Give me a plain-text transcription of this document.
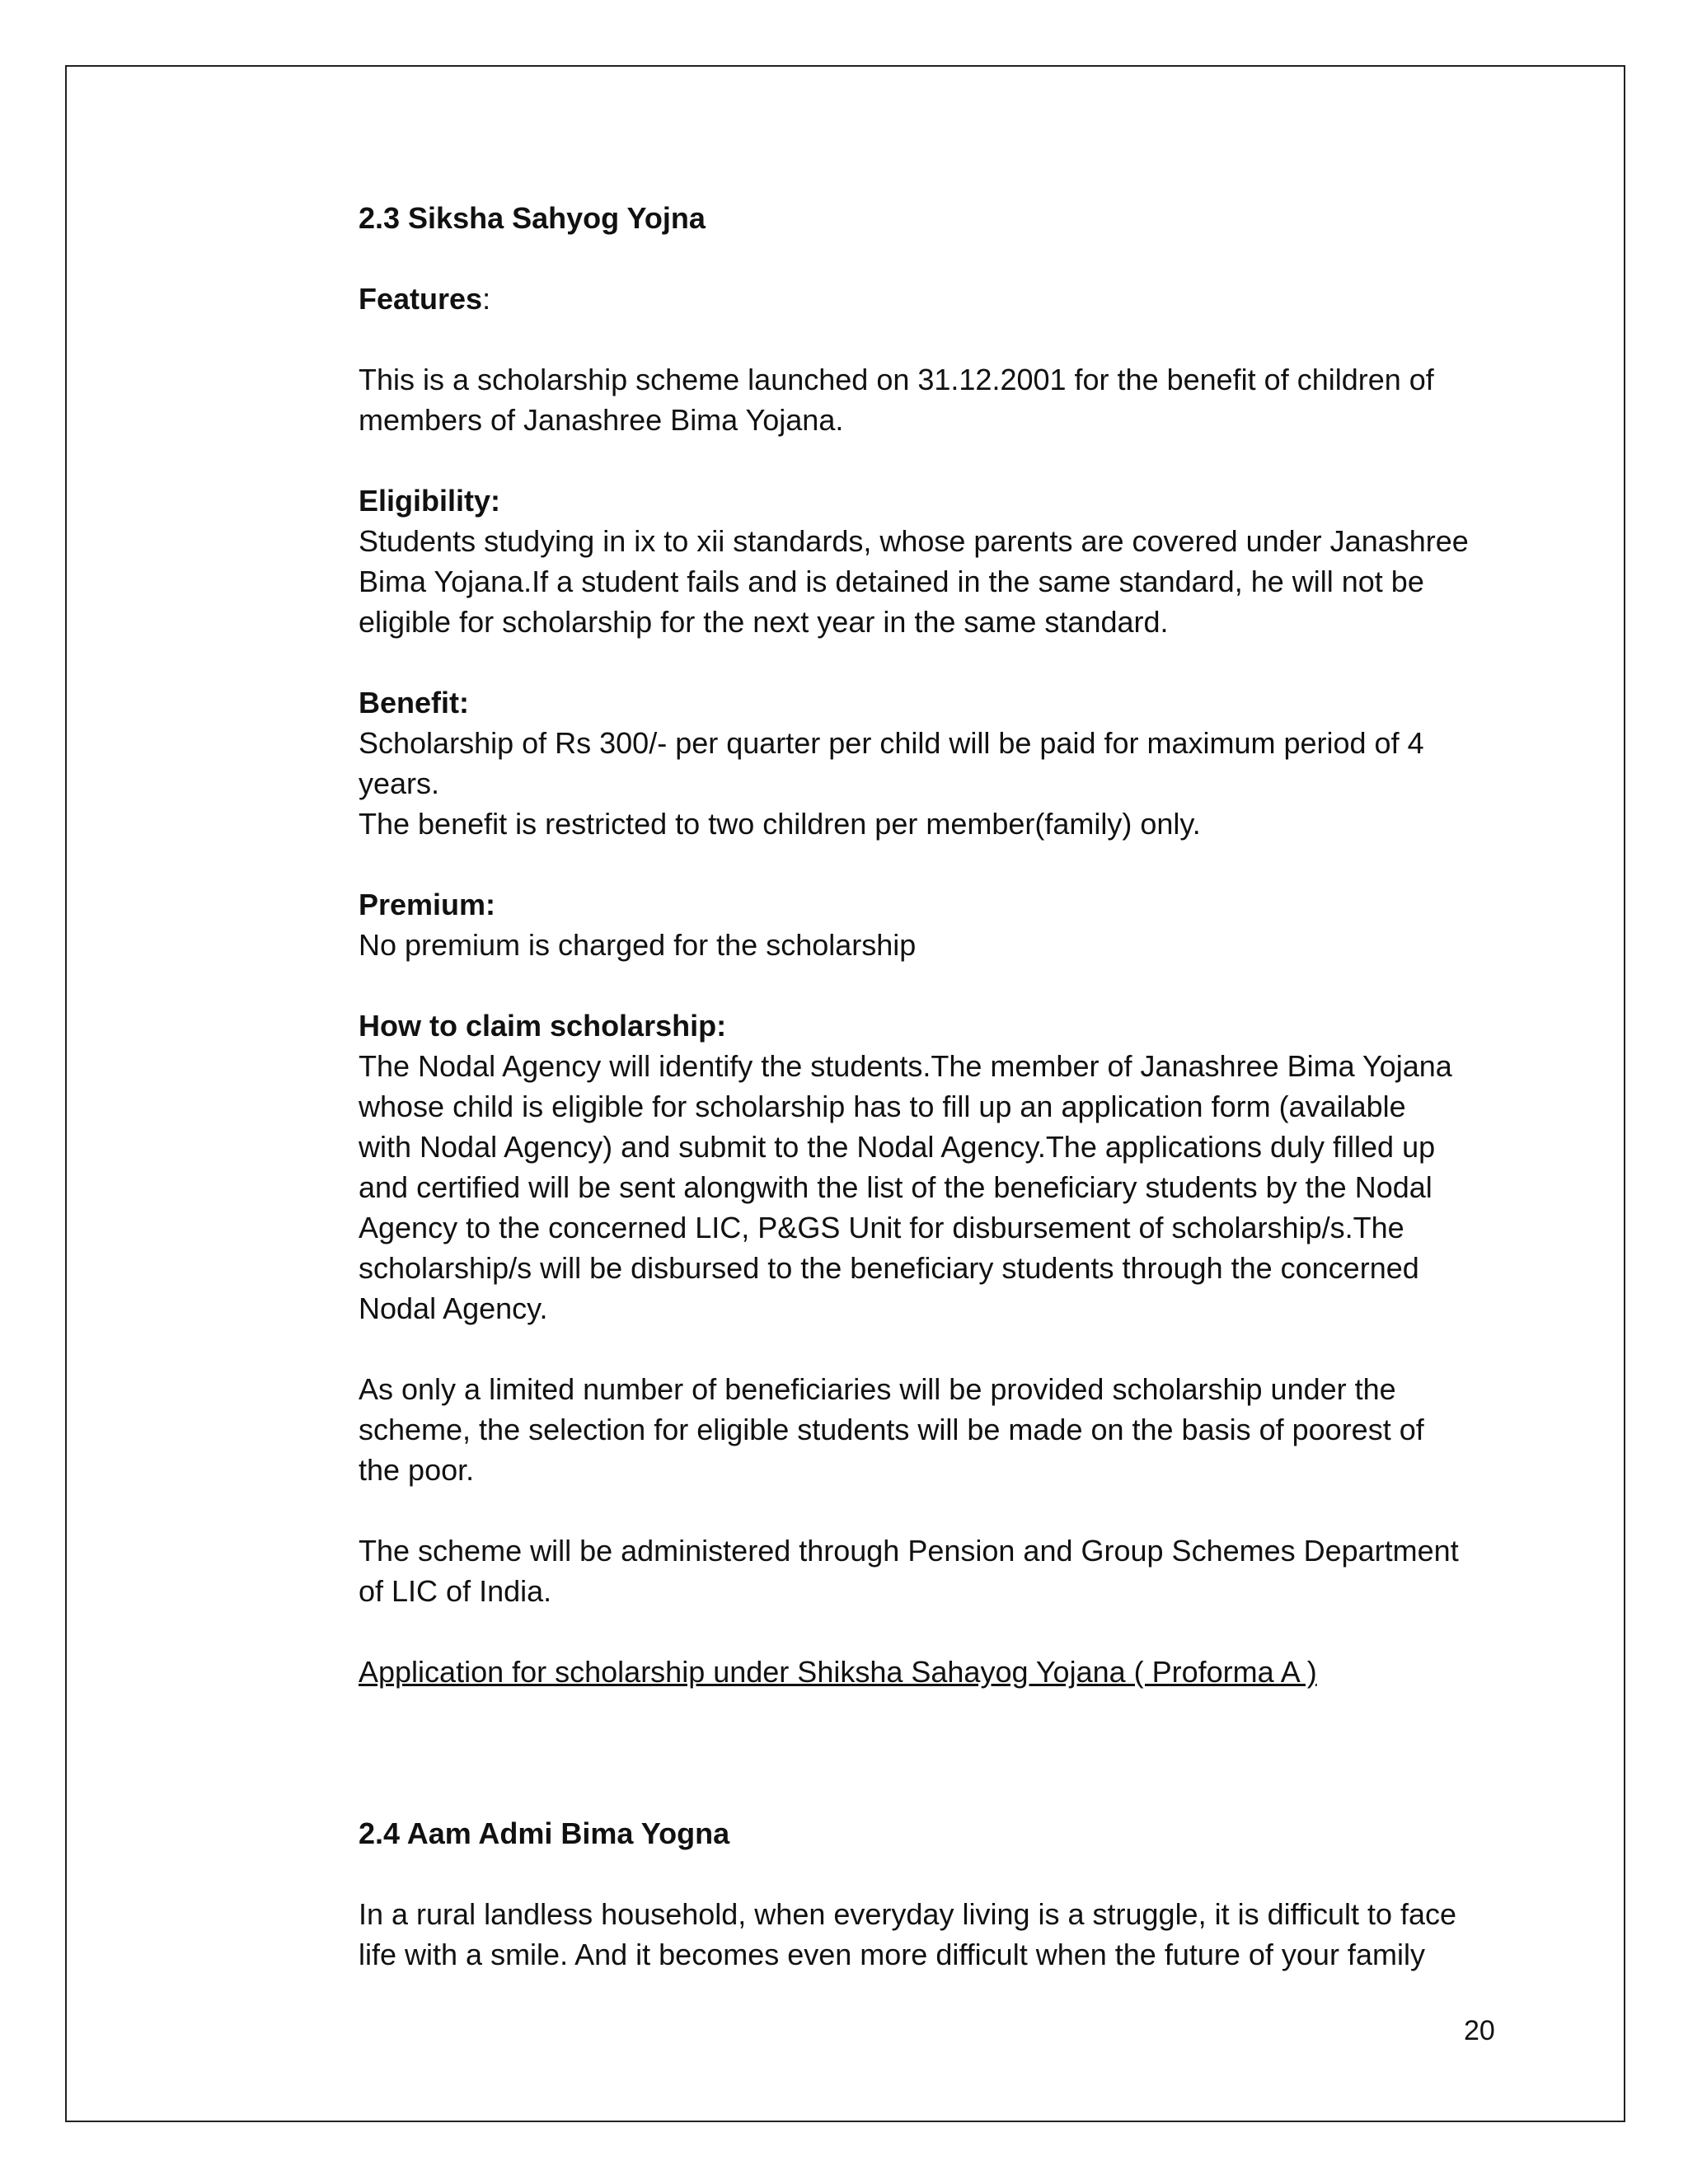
2.3 Siksha Sahyog Yojna

Features:

This is a scholarship scheme launched on 31.12.2001 for the benefit of children of

members of Janashree Bima Yojana.

Eligibility:

Students studying in ix to xii standards, whose parents are covered under Janashree

Bima Yojana.If a student fails and is detained in the same standard, he will not be

eligible for scholarship for the next year in the same standard.

Benefit:

Scholarship of Rs 300/- per quarter per child will be paid for maximum period of 4

years.

The benefit is restricted to two children per member(family) only.

Premium:

No premium is charged for the scholarship

How to claim scholarship:

The Nodal Agency will identify the students.The member of Janashree Bima Yojana

whose child is eligible for scholarship has to fill up an application form (available

with Nodal Agency) and submit to the Nodal Agency.The applications duly filled up

and certified will be sent alongwith the list of the beneficiary students by the Nodal

Agency to the concerned LIC, P&GS Unit for disbursement of scholarship/s.The

scholarship/s will be disbursed to the beneficiary students through the concerned

Nodal Agency.

As only a limited number of beneficiaries will be provided scholarship under the

scheme, the selection for eligible students will be made on the basis of poorest of

the poor.

The scheme will be administered through Pension and Group Schemes Department

of LIC of India.

Application for scholarship under Shiksha Sahayog Yojana ( Proforma A )

2.4 Aam Admi Bima Yogna

In a rural landless household, when everyday living is a struggle, it is difficult to face

life with a smile. And it becomes even more difficult when the future of your family

20
